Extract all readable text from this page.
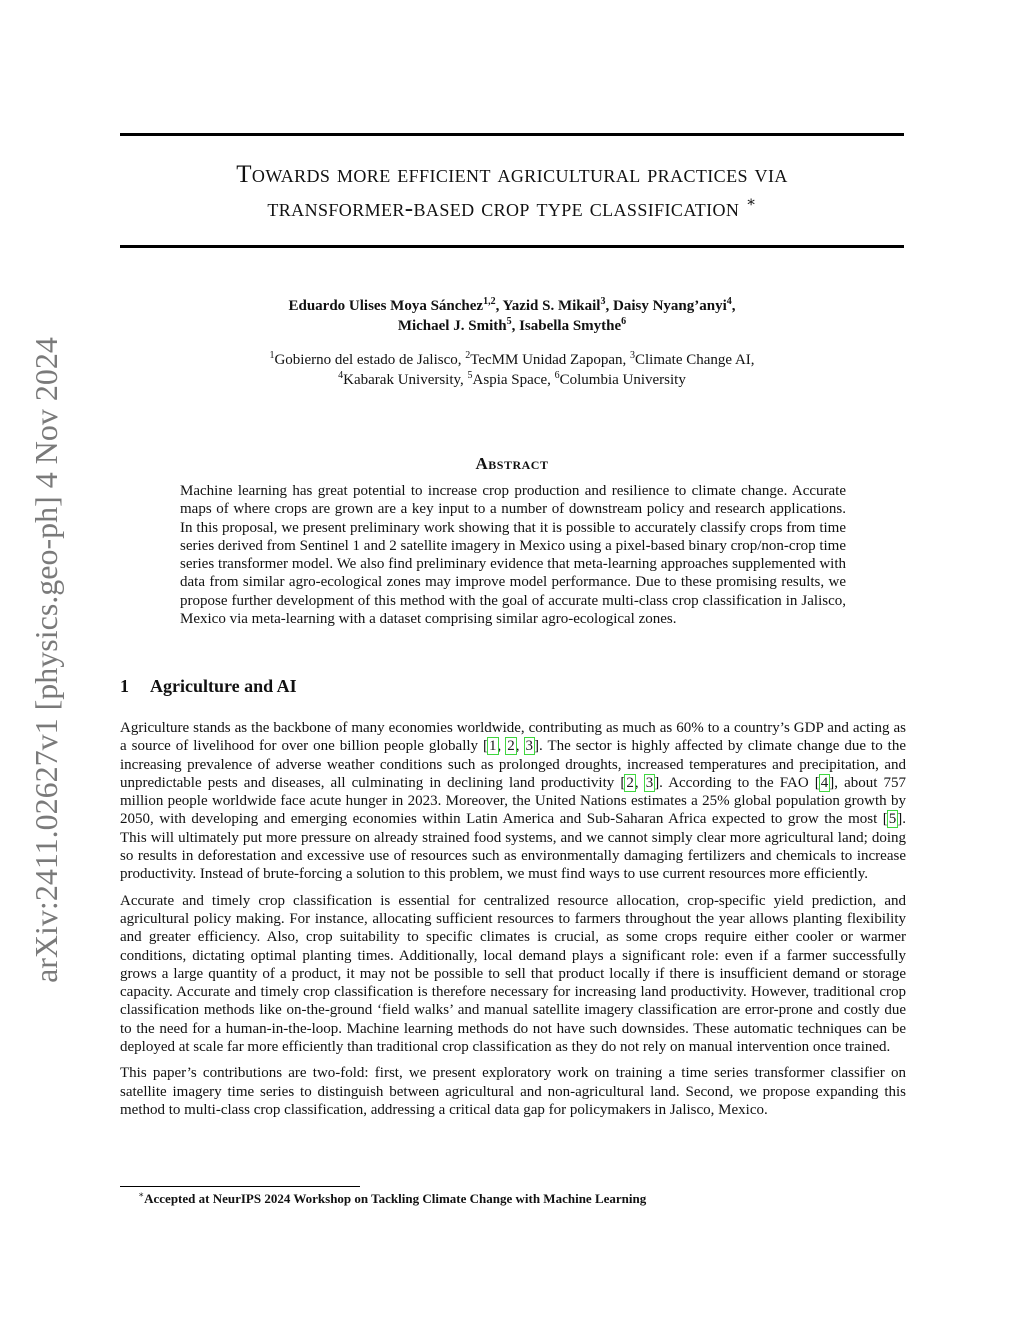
arXiv:2411.02627v1 [physics.geo-ph] 4 Nov 2024
Towards more efficient agricultural practices via
transformer-based crop type classification ∗
Eduardo Ulises Moya Sánchez$^{1,2}$, Yazid S. Mikail$^3$, Daisy Nyang’anyi$^4$,
Michael J. Smith$^5$, Isabella Smythe$^6$
$^1$Gobierno del estado de Jalisco, $^2$TecMM Unidad Zapopan, $^3$Climate Change AI,
$^4$Kabarak University, $^5$Aspia Space, $^6$Columbia University
Abstract

Machine learning has great potential to increase crop production and resilience to climate change. Accurate maps of where crops are grown are a key input to a number of downstream policy and research applications. In this proposal, we present preliminary work showing that it is possible to accurately classify crops from time series derived from Sentinel 1 and 2 satellite imagery in Mexico using a pixel-based binary crop/non-crop time series transformer model. We also find preliminary evidence that meta-learning approaches supplemented with data from similar agro-ecological zones may improve model performance. Due to these promising results, we propose further development of this method with the goal of accurate multi-class crop classification in Jalisco, Mexico via meta-learning with a dataset comprising similar agro-ecological zones.

1 Agriculture and AI

Agriculture stands as the backbone of many economies worldwide, contributing as much as 60% to a country’s GDP and acting as a source of livelihood for over one billion people globally [1, 2, 3]. The sector is highly affected by climate change due to the increasing prevalence of adverse weather conditions such as prolonged droughts, increased temperatures and precipitation, and unpredictable pests and diseases, all culminating in declining land productivity [2, 3]. According to the FAO [4], about 757 million people worldwide face acute hunger in 2023. Moreover, the United Nations estimates a 25% global population growth by 2050, with developing and emerging economies within Latin America and Sub-Saharan Africa expected to grow the most [5]. This will ultimately put more pressure on already strained food systems, and we cannot simply clear more agricultural land; doing so results in deforestation and excessive use of resources such as environmentally damaging fertilizers and chemicals to increase productivity. Instead of brute-forcing a solution to this problem, we must find ways to use current resources more efficiently.

Accurate and timely crop classification is essential for centralized resource allocation, crop-specific yield prediction, and agricultural policy making. For instance, allocating sufficient resources to farmers throughout the year allows planting flexibility and greater efficiency. Also, crop suitability to specific climates is crucial, as some crops require either cooler or warmer conditions, dictating optimal planting times. Additionally, local demand plays a significant role: even if a farmer successfully grows a large quantity of a product, it may not be possible to sell that product locally if there is insufficient demand or storage capacity. Accurate and timely crop classification is therefore necessary for increasing land productivity. However, traditional crop classification methods like on-the-ground ‘field walks’ and manual satellite imagery classification are error-prone and costly due to the need for a human-in-the-loop. Machine learning methods do not have such downsides. These automatic techniques can be deployed at scale far more efficiently than traditional crop classification as they do not rely on manual intervention once trained.

This paper’s contributions are two-fold: first, we present exploratory work on training a time series transformer classifier on satellite imagery time series to distinguish between agricultural and non-agricultural land. Second, we propose expanding this method to multi-class crop classification, addressing a critical data gap for policymakers in Jalisco, Mexico.

∗Accepted at NeurIPS 2024 Workshop on Tackling Climate Change with Machine Learning
